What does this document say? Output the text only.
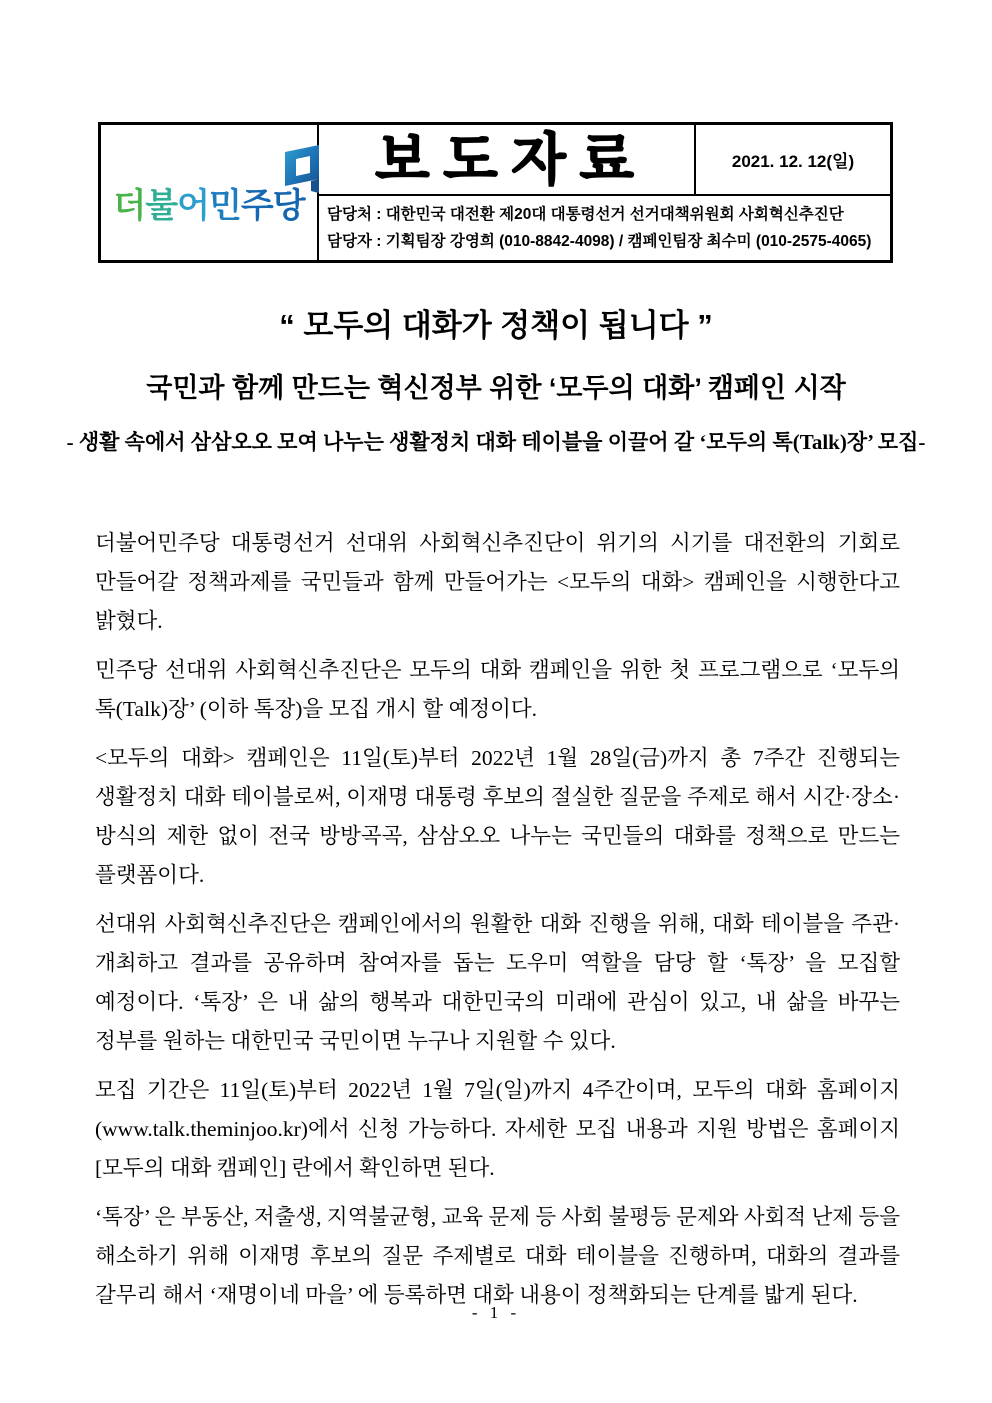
더불어민주당
보도자료	2021. 12. 12(일)
담당처 : 대한민국 대전환 제20대 대통령선거 선거대책위원회 사회혁신추진단
담당자 : 기획팀장 강영희 (010-8842-4098) / 캠페인팀장 최수미 (010-2575-4065)
“ 모두의 대화가 정책이 됩니다 ”
국민과 함께 만드는 혁신정부 위한 ‘모두의 대화’ 캠페인 시작
- 생활 속에서 삼삼오오 모여 나누는 생활정치 대화 테이블을 이끌어 갈 ‘모두의 톡(Talk)장’ 모집-

더불어민주당 대통령선거 선대위 사회혁신추진단이 위기의 시기를 대전환의 기회로 만들어갈 정책과제를 국민들과 함께 만들어가는 <모두의 대화> 캠페인을 시행한다고 밝혔다.

민주당 선대위 사회혁신추진단은 모두의 대화 캠페인을 위한 첫 프로그램으로 ‘모두의 톡(Talk)장’ (이하 톡장)을 모집 개시 할 예정이다.

<모두의 대화> 캠페인은 11일(토)부터 2022년 1월 28일(금)까지 총 7주간 진행되는 생활정치 대화 테이블로써, 이재명 대통령 후보의 절실한 질문을 주제로 해서 시간·장소·방식의 제한 없이 전국 방방곡곡, 삼삼오오 나누는 국민들의 대화를 정책으로 만드는 플랫폼이다.

선대위 사회혁신추진단은 캠페인에서의 원활한 대화 진행을 위해, 대화 테이블을 주관·개최하고 결과를 공유하며 참여자를 돕는 도우미 역할을 담당 할 ‘톡장’ 을 모집할 예정이다. ‘톡장’ 은 내 삶의 행복과 대한민국의 미래에 관심이 있고, 내 삶을 바꾸는 정부를 원하는 대한민국 국민이면 누구나 지원할 수 있다.

모집 기간은 11일(토)부터 2022년 1월 7일(일)까지 4주간이며, 모두의 대화 홈페이지(www.talk.theminjoo.kr)에서 신청 가능하다. 자세한 모집 내용과 지원 방법은 홈페이지 [모두의 대화 캠페인] 란에서 확인하면 된다.

‘톡장’ 은 부동산, 저출생, 지역불균형, 교육 문제 등 사회 불평등 문제와 사회적 난제 등을 해소하기 위해 이재명 후보의 질문 주제별로 대화 테이블을 진행하며, 대화의 결과를 갈무리 해서 ‘재명이네 마을’ 에 등록하면 대화 내용이 정책화되는 단계를 밟게 된다.

- 1 -
